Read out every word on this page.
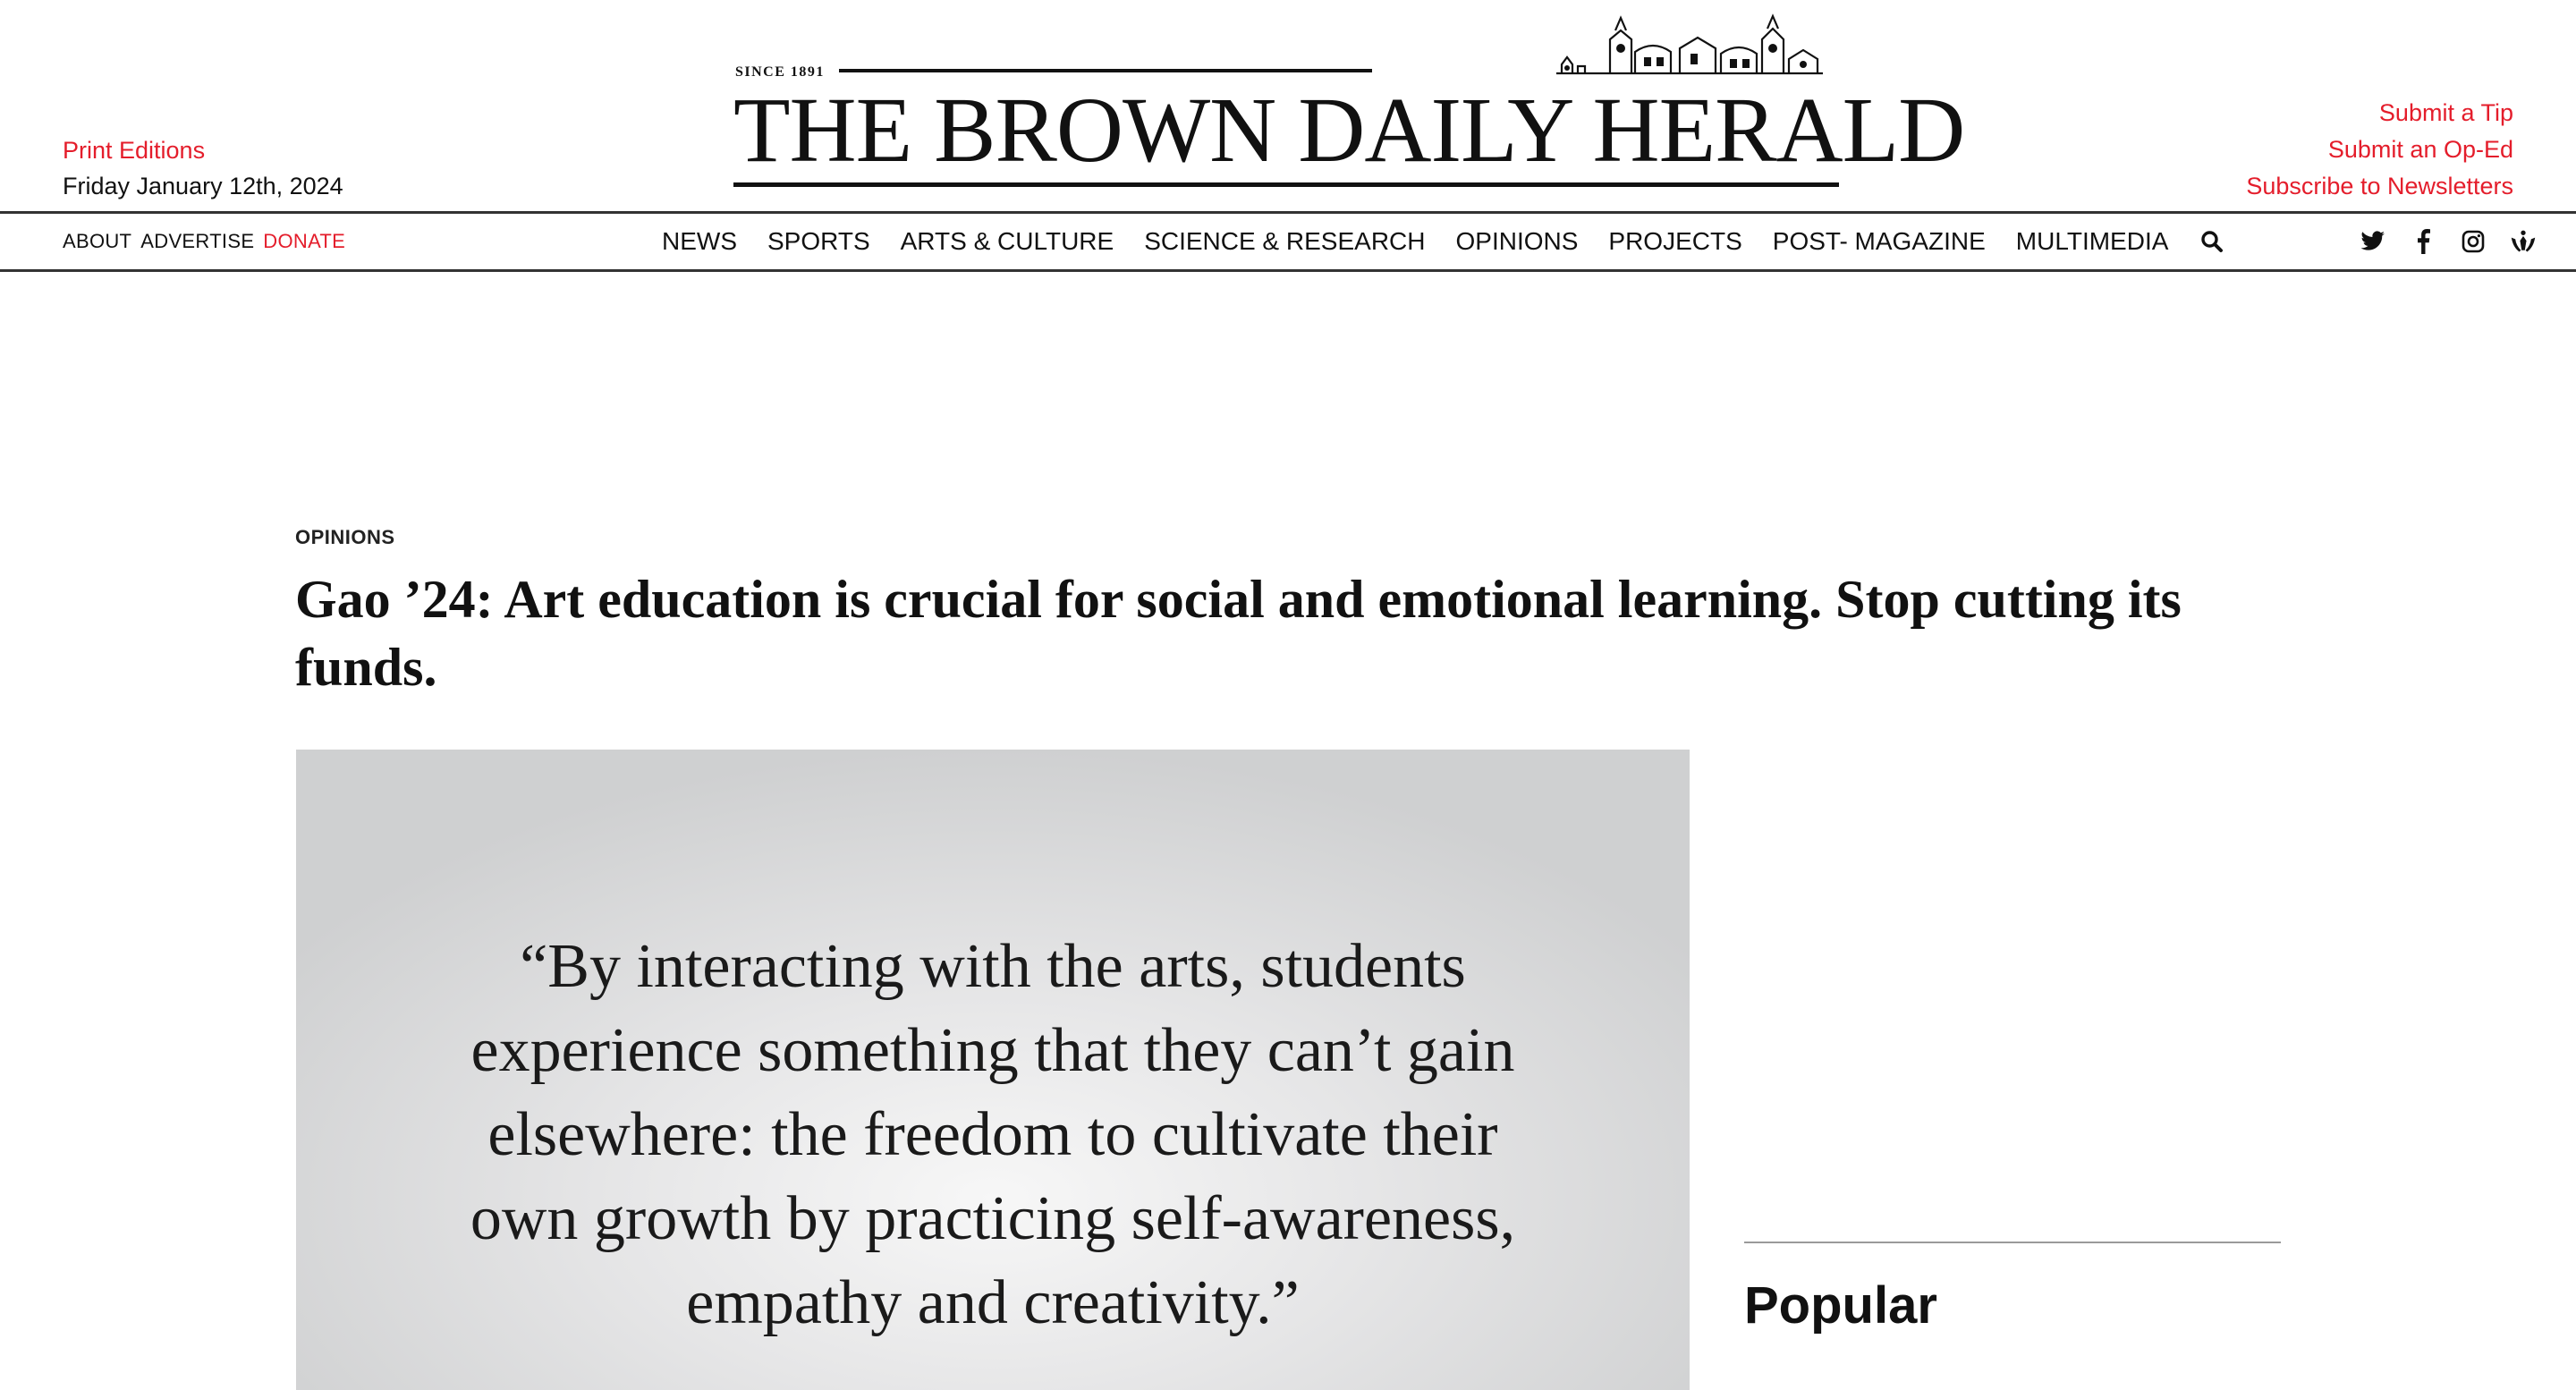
Print Editions
Friday January 12th, 2024
SINCE 1891
THE BROWN DAILY HERALD	Submit a Tip
Submit an Op-Ed
Subscribe to Newsletters
ABOUT ADVERTISE DONATE	NEWS SPORTS ARTS & CULTURE SCIENCE & RESEARCH OPINIONS PROJECTS POST- MAGAZINE MULTIMEDIA
OPINIONS
Gao ’24: Art education is crucial for social and emotional learning. Stop cutting its funds.

“By interacting with the arts, students experience something that they can’t gain elsewhere: the freedom to cultivate their own growth by practicing self-awareness, empathy and creativity.”	Popular
